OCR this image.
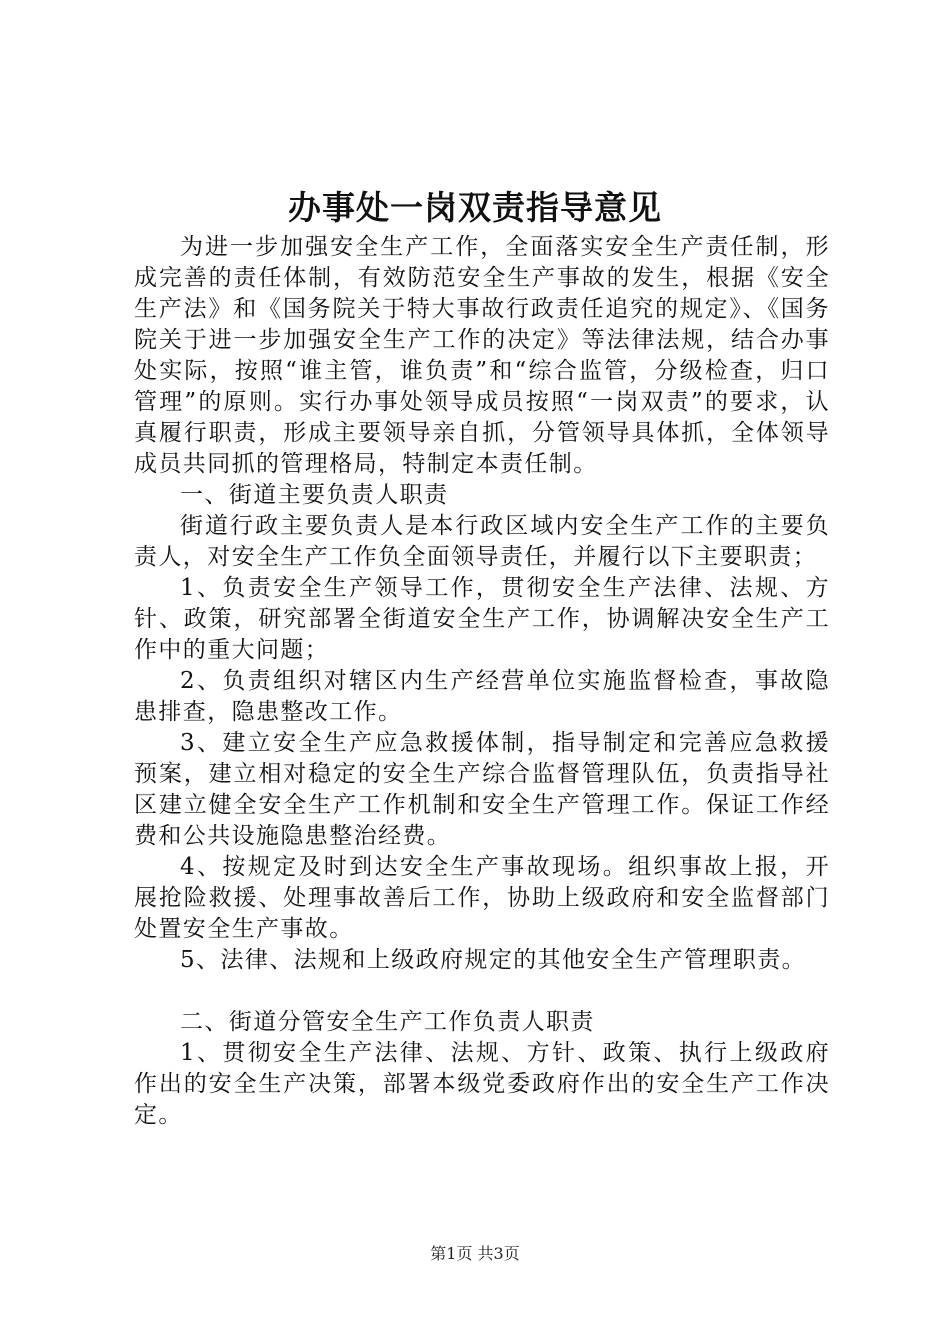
办事处一岗双责指导意见

为进一步加强安全生产工作，全面落实安全生产责任制，形成完善的责任体制，有效防范安全生产事故的发生，根据《安全生产法》和《国务院关于特大事故行政责任追究的规定》、《国务院关于进一步加强安全生产工作的决定》等法律法规，结合办事处实际，按照“谁主管，谁负责”和“综合监管，分级检查，归口管理”的原则。实行办事处领导成员按照“一岗双责”的要求，认真履行职责，形成主要领导亲自抓，分管领导具体抓，全体领导成员共同抓的管理格局，特制定本责任制。

一、街道主要负责人职责

街道行政主要负责人是本行政区域内安全生产工作的主要负责人，对安全生产工作负全面领导责任，并履行以下主要职责；

1、负责安全生产领导工作，贯彻安全生产法律、法规、方针、政策，研究部署全街道安全生产工作，协调解决安全生产工作中的重大问题；

2、负责组织对辖区内生产经营单位实施监督检查，事故隐患排查，隐患整改工作。

3、建立安全生产应急救援体制，指导制定和完善应急救援预案，建立相对稳定的安全生产综合监督管理队伍，负责指导社区建立健全安全生产工作机制和安全生产管理工作。保证工作经费和公共设施隐患整治经费。

4、按规定及时到达安全生产事故现场。组织事故上报，开展抢险救援、处理事故善后工作，协助上级政府和安全监督部门处置安全生产事故。

5、法律、法规和上级政府规定的其他安全生产管理职责。

二、街道分管安全生产工作负责人职责

1、贯彻安全生产法律、法规、方针、政策、执行上级政府作出的安全生产决策，部署本级党委政府作出的安全生产工作决定。

第1页 共3页
